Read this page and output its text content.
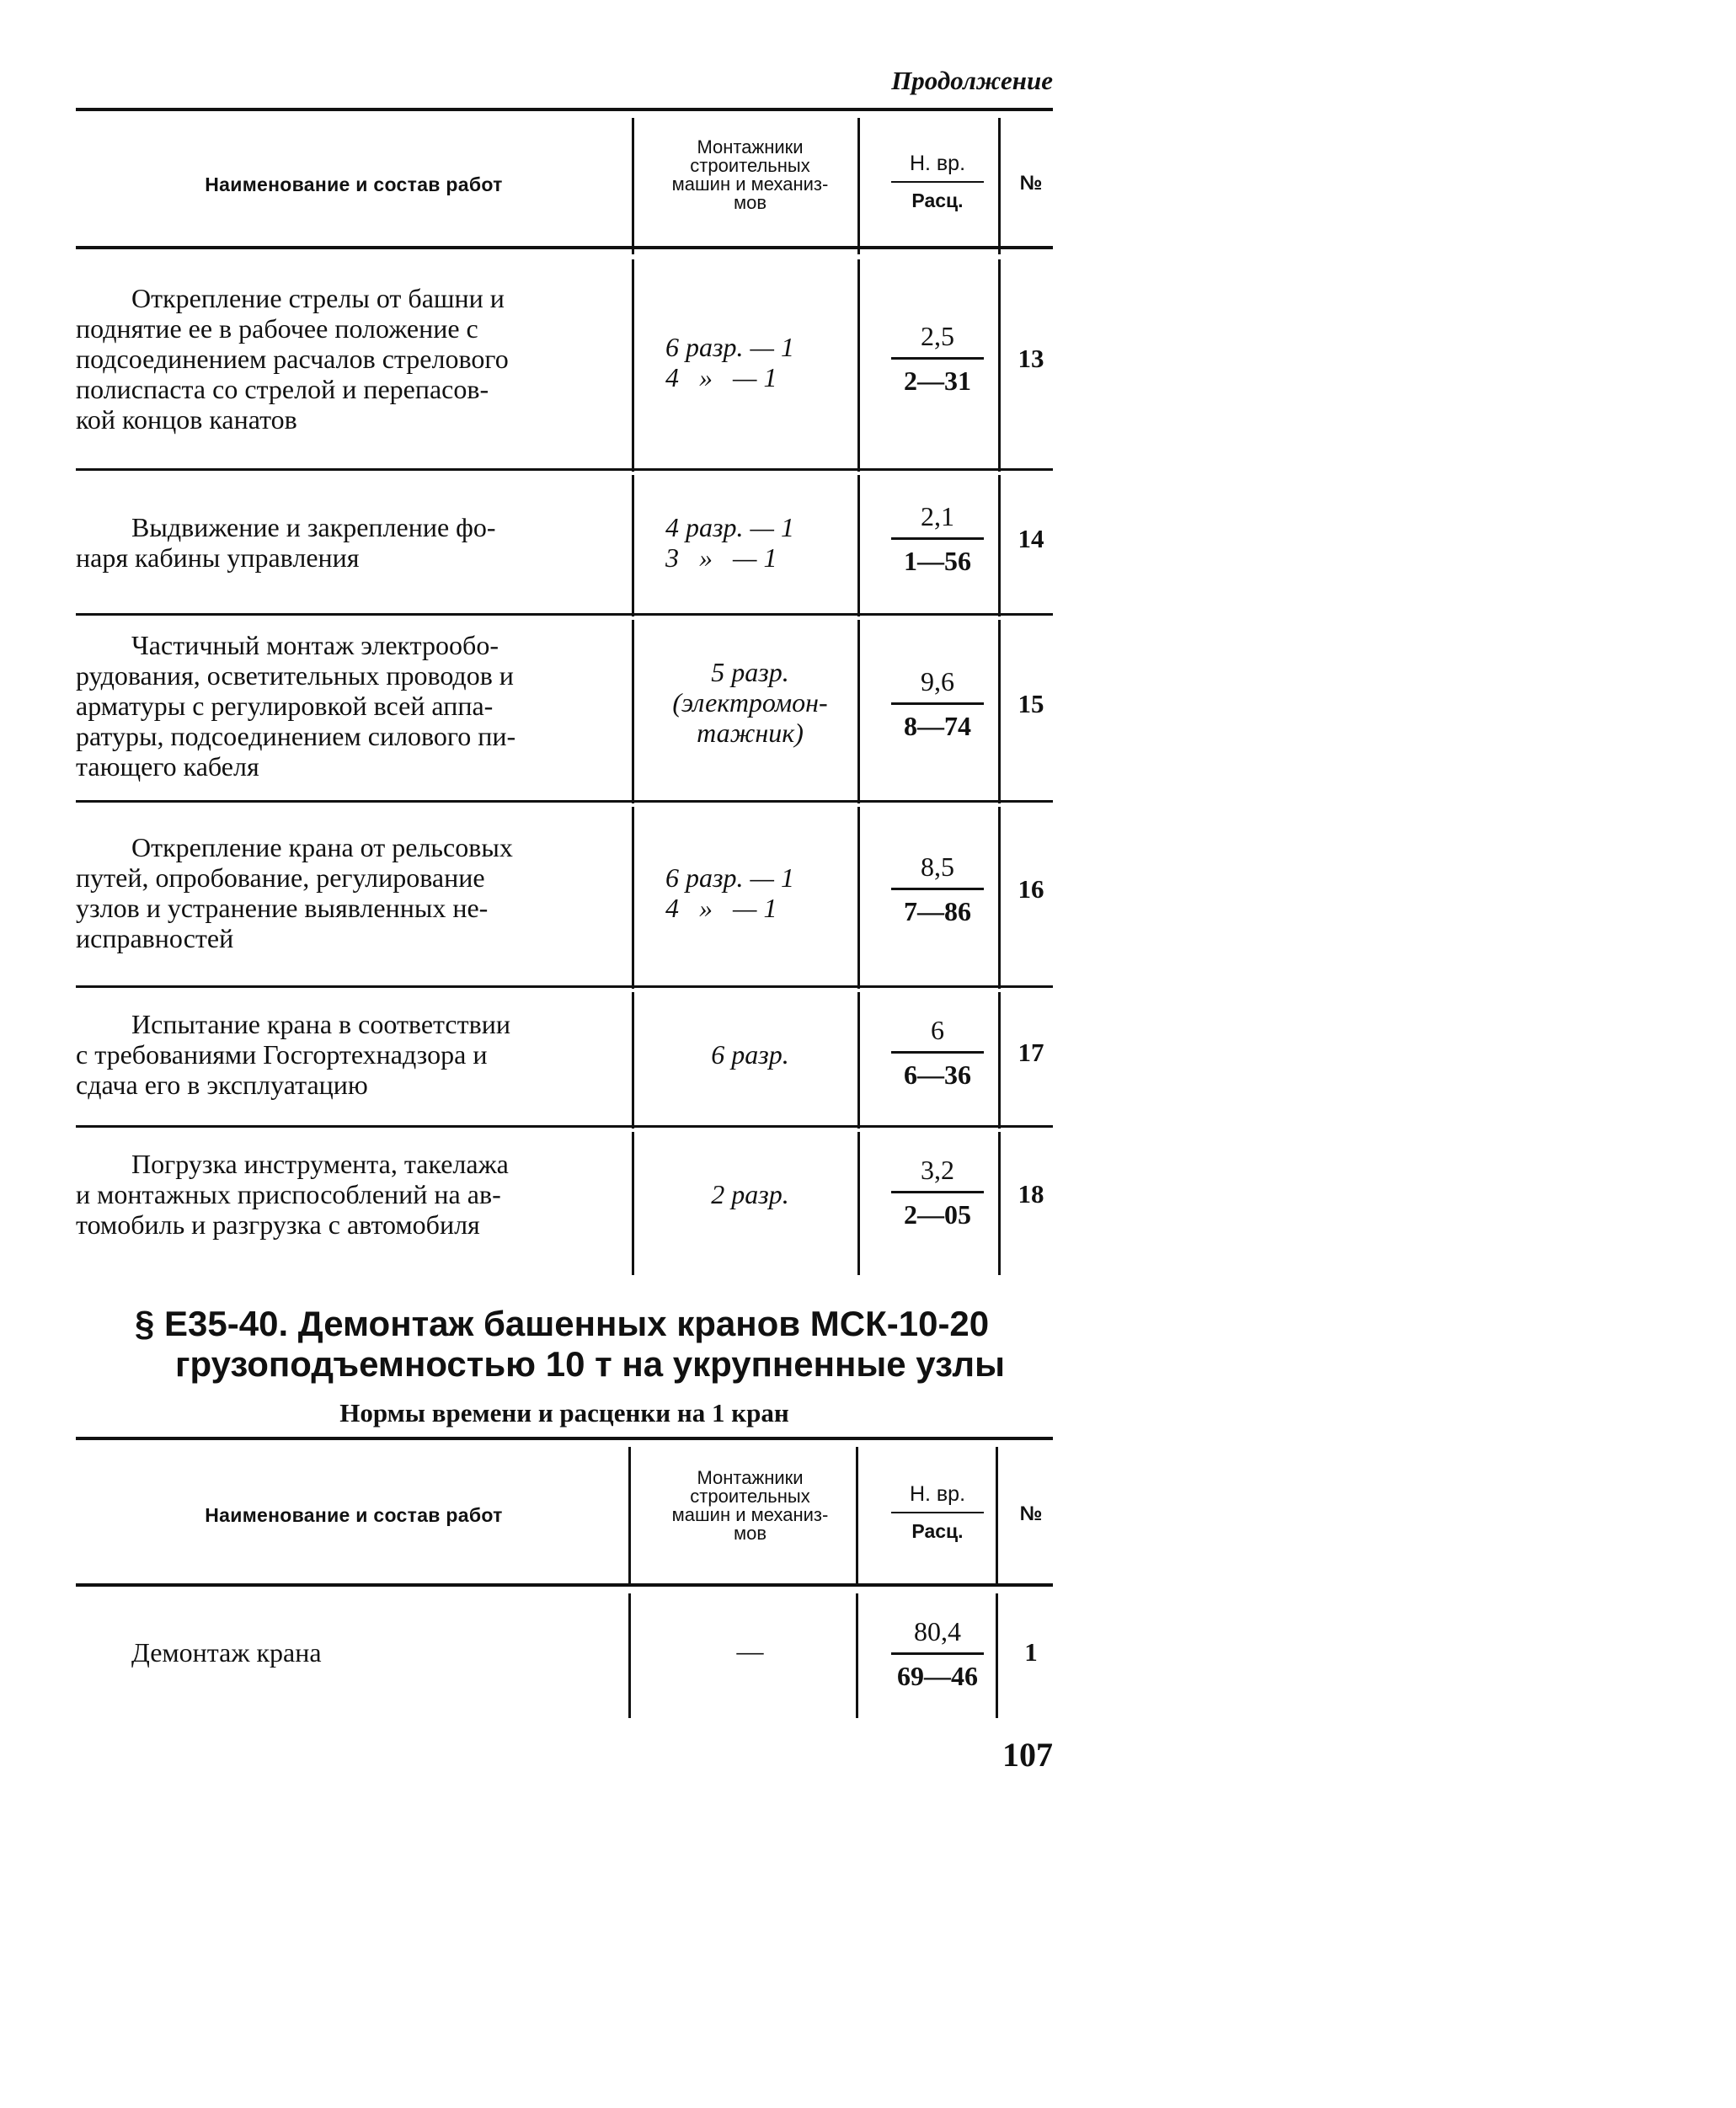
Продолжение
Наименование и состав работ
Монтажники
строительных
машин и механиз-
мов
Н. вр.
Расц.
№
Открепление стрелы от башни и
поднятие ее в рабочее положение с
подсоединением расчалов стрелового
полиспаста со стрелой и перепасов-
кой концов канатов
6 разр. — 1
4   »   — 1
2,5
2—31
13
Выдвижение и закрепление фо-
наря кабины управления
4 разр. — 1
3   »   — 1
2,1
1—56
14
Частичный монтаж электрообо-
рудования, осветительных проводов и
арматуры с регулировкой всей аппа-
ратуры, подсоединением силового пи-
тающего кабеля
5 разр.
(электромон-
тажник)
9,6
8—74
15
Открепление крана от рельсовых
путей, опробование, регулирование
узлов и устранение выявленных не-
исправностей
6 разр. — 1
4   »   — 1
8,5
7—86
16
Испытание крана в соответствии
с требованиями Госгортехнадзора и
сдача его в эксплуатацию
6 разр.
6
6—36
17
Погрузка инструмента, такелажа
и монтажных приспособлений на ав-
томобиль и разгрузка с автомобиля
2 разр.
3,2
2—05
18
§ Е35-40. Демонтаж башенных кранов МСК-10-20
грузоподъемностью 10 т на укрупненные узлы
Нормы времени и расценки на 1 кран
Наименование и состав работ
Монтажники
строительных
машин и механиз-
мов
Н. вр.
Расц.
№
Демонтаж крана	—
80,4
69—46
1
107
